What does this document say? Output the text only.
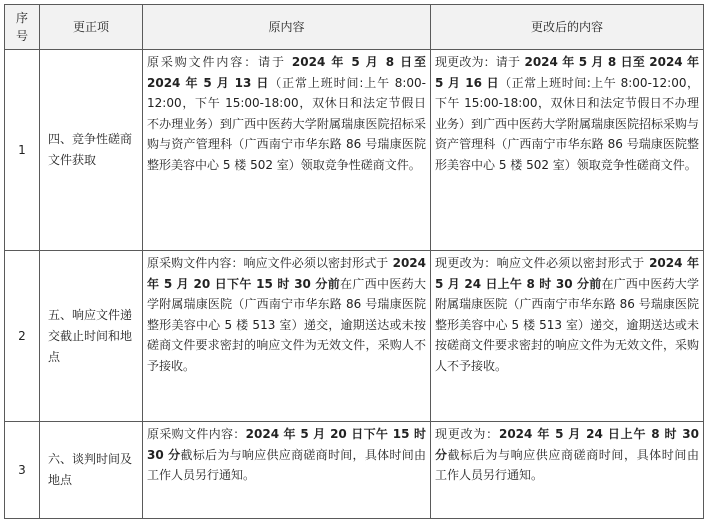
序号	更正项	原内容	更改后的内容
1	四、竞争性磋商文件获取	原采购文件内容：请于 2024 年 5 月 8 日至 2024 年 5 月 13 日（正常上班时间:上午 8:00-12:00，下午 15:00-18:00，双休日和法定节假日不办理业务）到广西中医药大学附属瑞康医院招标采购与资产管理科（广西南宁市华东路 86 号瑞康医院整形美容中心 5 楼 502 室）领取竞争性磋商文件。	现更改为：请于 2024 年 5 月 8 日至 2024 年 5 月 16 日（正常上班时间:上午 8:00-12:00，下午 15:00-18:00，双休日和法定节假日不办理业务）到广西中医药大学附属瑞康医院招标采购与资产管理科（广西南宁市华东路 86 号瑞康医院整形美容中心 5 楼 502 室）领取竞争性磋商文件。
2	五、响应文件递交截止时间和地点	原采购文件内容：响应文件必须以密封形式于 2024 年 5 月 20 日下午 15 时 30 分前在广西中医药大学附属瑞康医院（广西南宁市华东路 86 号瑞康医院整形美容中心 5 楼 513 室）递交，逾期送达或未按磋商文件要求密封的响应文件为无效文件，采购人不予接收。	现更改为：响应文件必须以密封形式于 2024 年 5 月 24 日上午 8 时 30 分前在广西中医药大学附属瑞康医院（广西南宁市华东路 86 号瑞康医院整形美容中心 5 楼 513 室）递交，逾期送达或未按磋商文件要求密封的响应文件为无效文件，采购人不予接收。
3	六、谈判时间及地点	原采购文件内容：2024 年 5 月 20 日下午 15 时 30 分截标后为与响应供应商磋商时间，具体时间由工作人员另行通知。	现更改为：2024 年 5 月 24 日上午 8 时 30 分截标后为与响应供应商磋商时间，具体时间由工作人员另行通知。
